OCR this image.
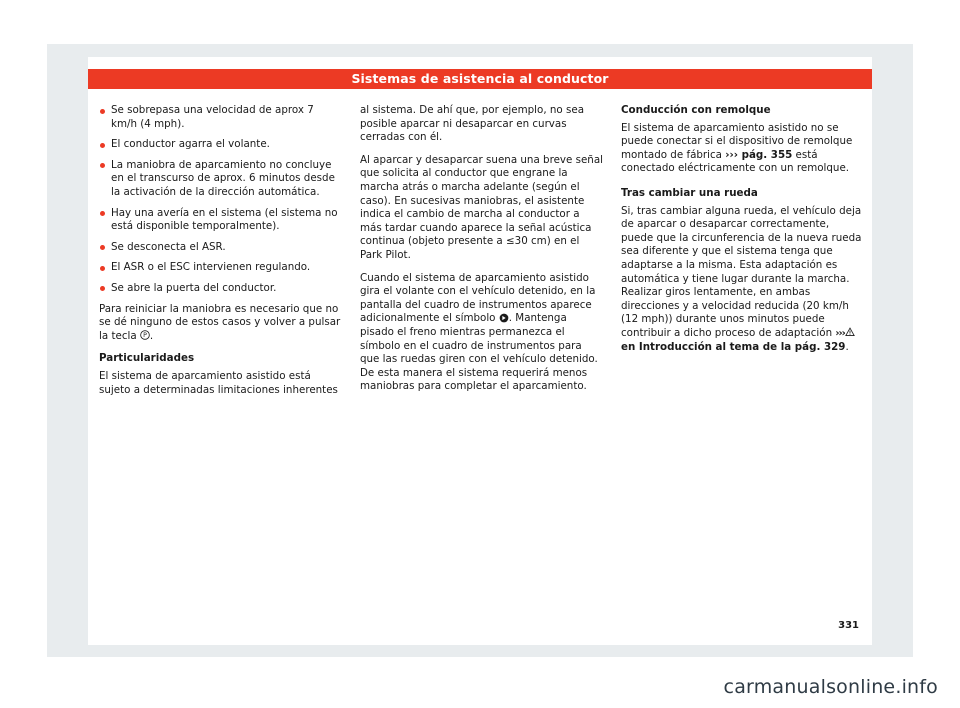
Sistemas de asistencia al conductor
Se sobrepasa una velocidad de aprox 7 km/h (4 mph).
El conductor agarra el volante.
La maniobra de aparcamiento no concluye en el transcurso de aprox. 6 minutos desde la activación de la dirección automática.
Hay una avería en el sistema (el sistema no está disponible temporalmente).
Se desconecta el ASR.
El ASR o el ESC intervienen regulando.
Se abre la puerta del conductor.

Para reiniciar la maniobra es necesario que no se dé ninguno de estos casos y volver a pulsar la tecla P .

Particularidades

El sistema de aparcamiento asistido está sujeto a determinadas limitaciones inherentes

al sistema. De ahí que, por ejemplo, no sea posible aparcar ni desaparcar en curvas cerradas con él.

Al aparcar y desaparcar suena una breve señal que solicita al conductor que engrane la marcha atrás o marcha adelante (según el caso). En sucesivas maniobras, el asistente indica el cambio de marcha al conductor a más tardar cuando aparece la señal acústica continua (objeto presente a ≤30 cm) en el Park Pilot.

Cuando el sistema de aparcamiento asistido gira el volante con el vehículo detenido, en la pantalla del cuadro de instrumentos aparece adicionalmente el símbolo
. Mantenga pisado el freno mientras permanezca el símbolo en el cuadro de instrumentos para que las ruedas giren con el vehículo detenido. De esta manera el sistema requerirá menos maniobras para completar el aparcamiento.

Conducción con remolque

El sistema de aparcamiento asistido no se puede conectar si el dispositivo de remolque montado de fábrica ››› pág. 355 está conectado eléctricamente con un remolque.

Tras cambiar una rueda

Si, tras cambiar alguna rueda, el vehículo deja de aparcar o desaparcar correctamente, puede que la circunferencia de la nueva rueda sea diferente y que el sistema tenga que adaptarse a la misma. Esta adaptación es automática y tiene lugar durante la marcha. Realizar giros lentamente, en ambas direcciones y a velocidad reducida (20 km/h (12 mph)) durante unos minutos puede contribuir a dicho proceso de adaptación ›››
en Introducción al tema de la pág. 329.

331
carmanualsonline.info
